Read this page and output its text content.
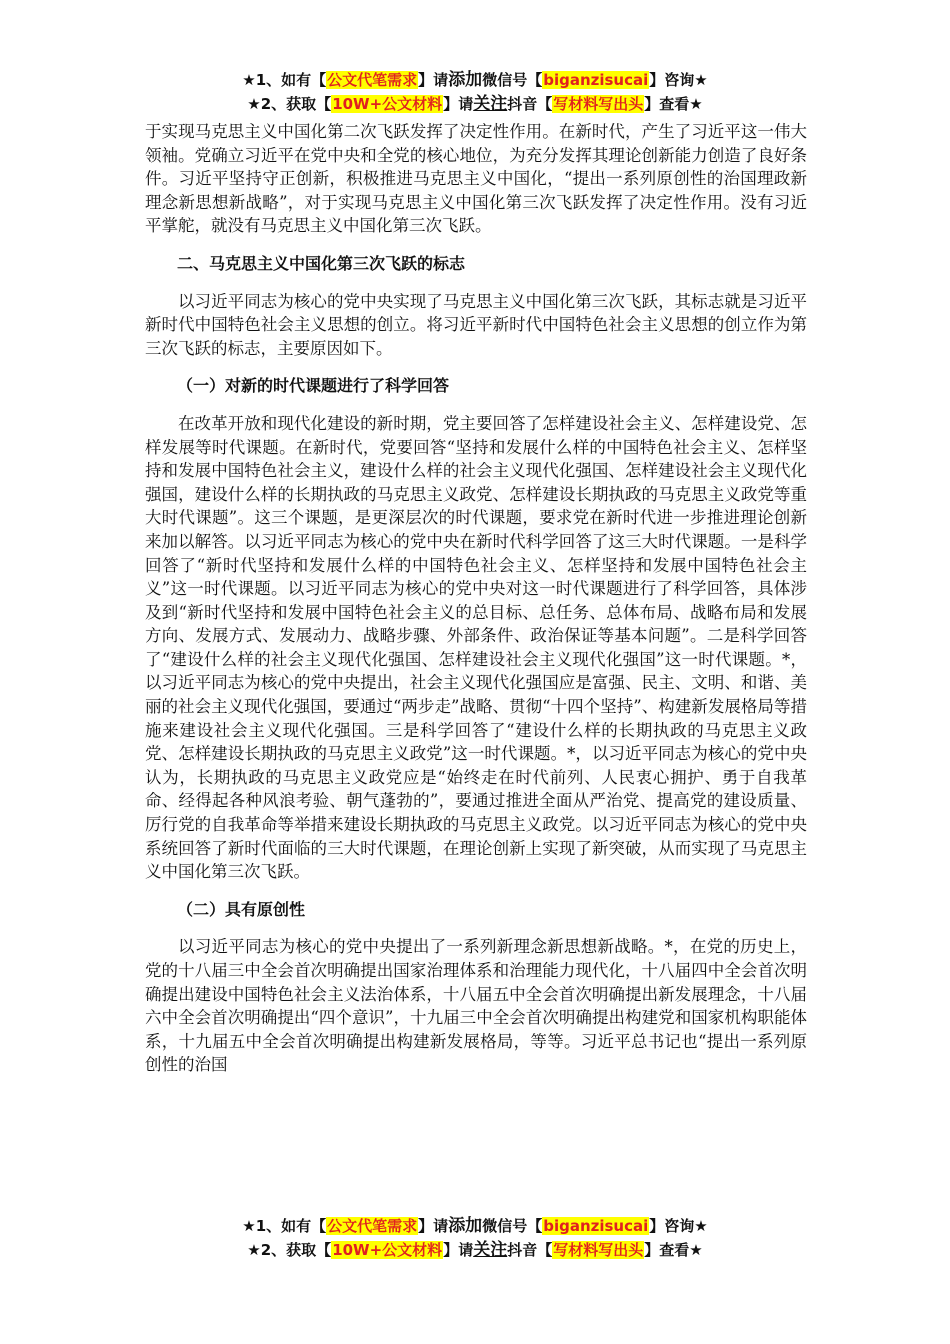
★1、如有【公文代笔需求】请添加微信号【biganzisucai】咨询★
★2、获取【10W+公文材料】请关注抖音【写材料写出头】查看★

于实现马克思主义中国化第二次飞跃发挥了决定性作用。在新时代，产生了习近平这一伟大领袖。党确立习近平在党中央和全党的核心地位，为充分发挥其理论创新能力创造了良好条件。习近平坚持守正创新，积极推进马克思主义中国化，“提出一系列原创性的治国理政新理念新思想新战略”，对于实现马克思主义中国化第三次飞跃发挥了决定性作用。没有习近平掌舵，就没有马克思主义中国化第三次飞跃。

二、马克思主义中国化第三次飞跃的标志

以习近平同志为核心的党中央实现了马克思主义中国化第三次飞跃，其标志就是习近平新时代中国特色社会主义思想的创立。将习近平新时代中国特色社会主义思想的创立作为第三次飞跃的标志，主要原因如下。

（一）对新的时代课题进行了科学回答

在改革开放和现代化建设的新时期，党主要回答了怎样建设社会主义、怎样建设党、怎样发展等时代课题。在新时代，党要回答“坚持和发展什么样的中国特色社会主义、怎样坚持和发展中国特色社会主义，建设什么样的社会主义现代化强国、怎样建设社会主义现代化强国，建设什么样的长期执政的马克思主义政党、怎样建设长期执政的马克思主义政党等重大时代课题”。这三个课题，是更深层次的时代课题，要求党在新时代进一步推进理论创新来加以解答。以习近平同志为核心的党中央在新时代科学回答了这三大时代课题。一是科学回答了“新时代坚持和发展什么样的中国特色社会主义、怎样坚持和发展中国特色社会主义”这一时代课题。以习近平同志为核心的党中央对这一时代课题进行了科学回答，具体涉及到“新时代坚持和发展中国特色社会主义的总目标、总任务、总体布局、战略布局和发展方向、发展方式、发展动力、战略步骤、外部条件、政治保证等基本问题”。二是科学回答了“建设什么样的社会主义现代化强国、怎样建设社会主义现代化强国”这一时代课题。*，以习近平同志为核心的党中央提出，社会主义现代化强国应是富强、民主、文明、和谐、美丽的社会主义现代化强国，要通过“两步走”战略、贯彻“十四个坚持”、构建新发展格局等措施来建设社会主义现代化强国。三是科学回答了“建设什么样的长期执政的马克思主义政党、怎样建设长期执政的马克思主义政党”这一时代课题。*，以习近平同志为核心的党中央认为，长期执政的马克思主义政党应是“始终走在时代前列、人民衷心拥护、勇于自我革命、经得起各种风浪考验、朝气蓬勃的”，要通过推进全面从严治党、提高党的建设质量、厉行党的自我革命等举措来建设长期执政的马克思主义政党。以习近平同志为核心的党中央系统回答了新时代面临的三大时代课题，在理论创新上实现了新突破，从而实现了马克思主义中国化第三次飞跃。

（二）具有原创性

以习近平同志为核心的党中央提出了一系列新理念新思想新战略。*，在党的历史上，党的十八届三中全会首次明确提出国家治理体系和治理能力现代化，十八届四中全会首次明确提出建设中国特色社会主义法治体系，十八届五中全会首次明确提出新发展理念，十八届六中全会首次明确提出“四个意识”，十九届三中全会首次明确提出构建党和国家机构职能体系，十九届五中全会首次明确提出构建新发展格局，等等。习近平总书记也“提出一系列原创性的治国

★1、如有【公文代笔需求】请添加微信号【biganzisucai】咨询★
★2、获取【10W+公文材料】请关注抖音【写材料写出头】查看★
